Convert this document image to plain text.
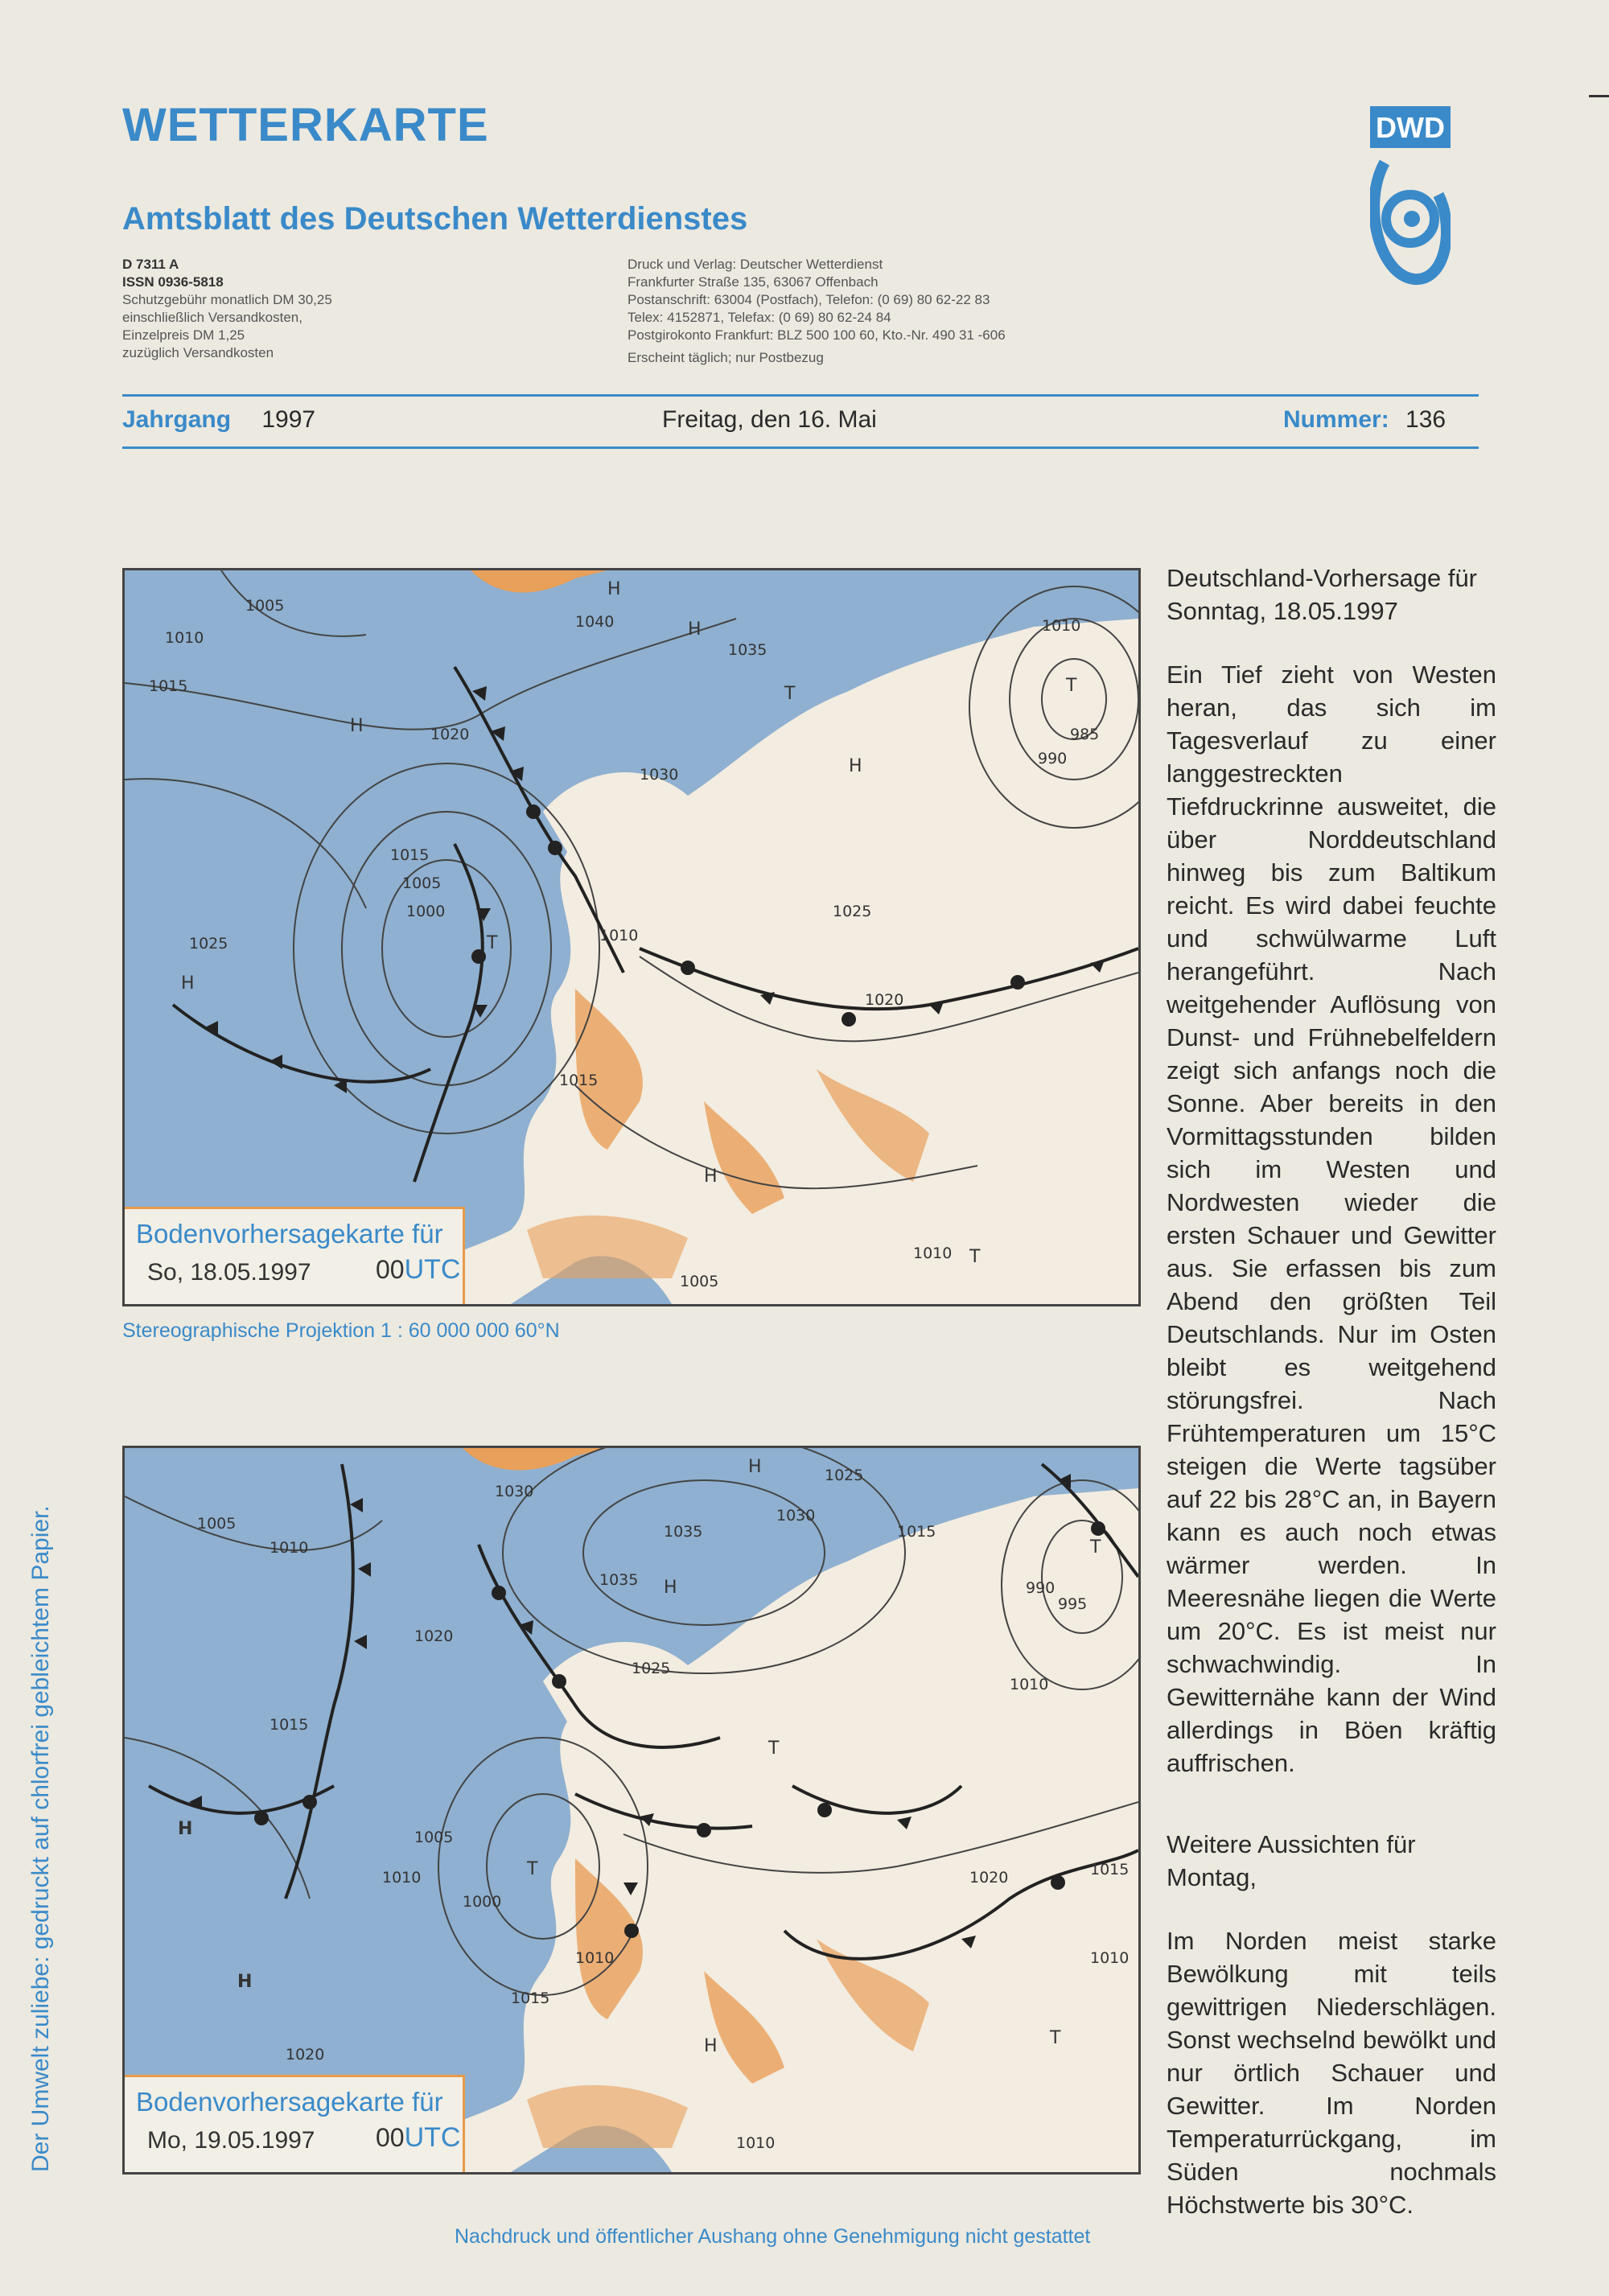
WETTERKARTE
Amtsblatt des Deutschen Wetterdienstes
D 7311 A
ISSN 0936-5818
Schutzgebühr monatlich DM 30,25
einschließlich Versandkosten,
Einzelpreis DM 1,25
zuzüglich Versandkosten
Druck und Verlag: Deutscher Wetterdienst
Frankfurter Straße 135, 63067 Offenbach
Postanschrift: 63004 (Postfach), Telefon: (0 69) 80 62-22 83
Telex: 4152871, Telefax: (0 69) 80 62-24 84
Postgirokonto Frankfurt: BLZ 500 100 60, Kto.-Nr. 490 31 -606
Erscheint täglich; nur Postbezug
DWD
Jahrgang 1997	Freitag, den 16. Mai	Nummer: 136
T
H
H
H
H
H
T
T
H
T
1005
1010
1015
1020
1025
1040
1035
1030
1015
1005
1000
990
985
1010
1020
1025
1010
1015
1010
1005
Bodenvorhersagekarte für
So, 18.05.1997	00UTC
Stereographische Projektion 1 : 60 000 000 60°N
H
H
H
H
T
T
T
H	T
1005
1010
1030
1035
1035
1025
1030
1020
1025
1015
1005
1010
1000
990
995
1015
1010
1020	1015
1010
1015
1020
1010
1010
Bodenvorhersagekarte für
Mo, 19.05.1997 00UTC

Deutschland-Vorhersage für Sonntag, 18.05.1997

Ein Tief zieht von Westen heran, das sich im Tagesverlauf zu einer langgestreckten Tiefdruckrinne ausweitet, die über Norddeutschland hinweg bis zum Baltikum reicht. Es wird dabei feuchte und schwülwarme Luft herangeführt. Nach weitgehender Auflösung von Dunst- und Frühnebelfeldern zeigt sich anfangs noch die Sonne. Aber bereits in den Vormittagsstunden bilden sich im Westen und Nordwesten wieder die ersten Schauer und Gewitter aus. Sie erfassen bis zum Abend den größten Teil Deutschlands. Nur im Osten bleibt es weitgehend störungsfrei. Nach Frühtemperaturen um 15°C steigen die Werte tagsüber auf 22 bis 28°C an, in Bayern kann es auch noch etwas wärmer werden. In Meeresnähe liegen die Werte um 20°C. Es ist meist nur schwachwindig. In Gewitternähe kann der Wind allerdings in Böen kräftig auffrischen.

Weitere Aussichten für Montag,

Im Norden meist starke Bewölkung mit teils gewittrigen Niederschlägen. Sonst wechselnd bewölkt und nur örtlich Schauer und Gewitter. Im Norden Temperaturrückgang, im Süden nochmals Höchstwerte bis 30°C.

Der Umwelt zuliebe: gedruckt auf chlorfrei gebleichtem Papier.
Nachdruck und öffentlicher Aushang ohne Genehmigung nicht gestattet
